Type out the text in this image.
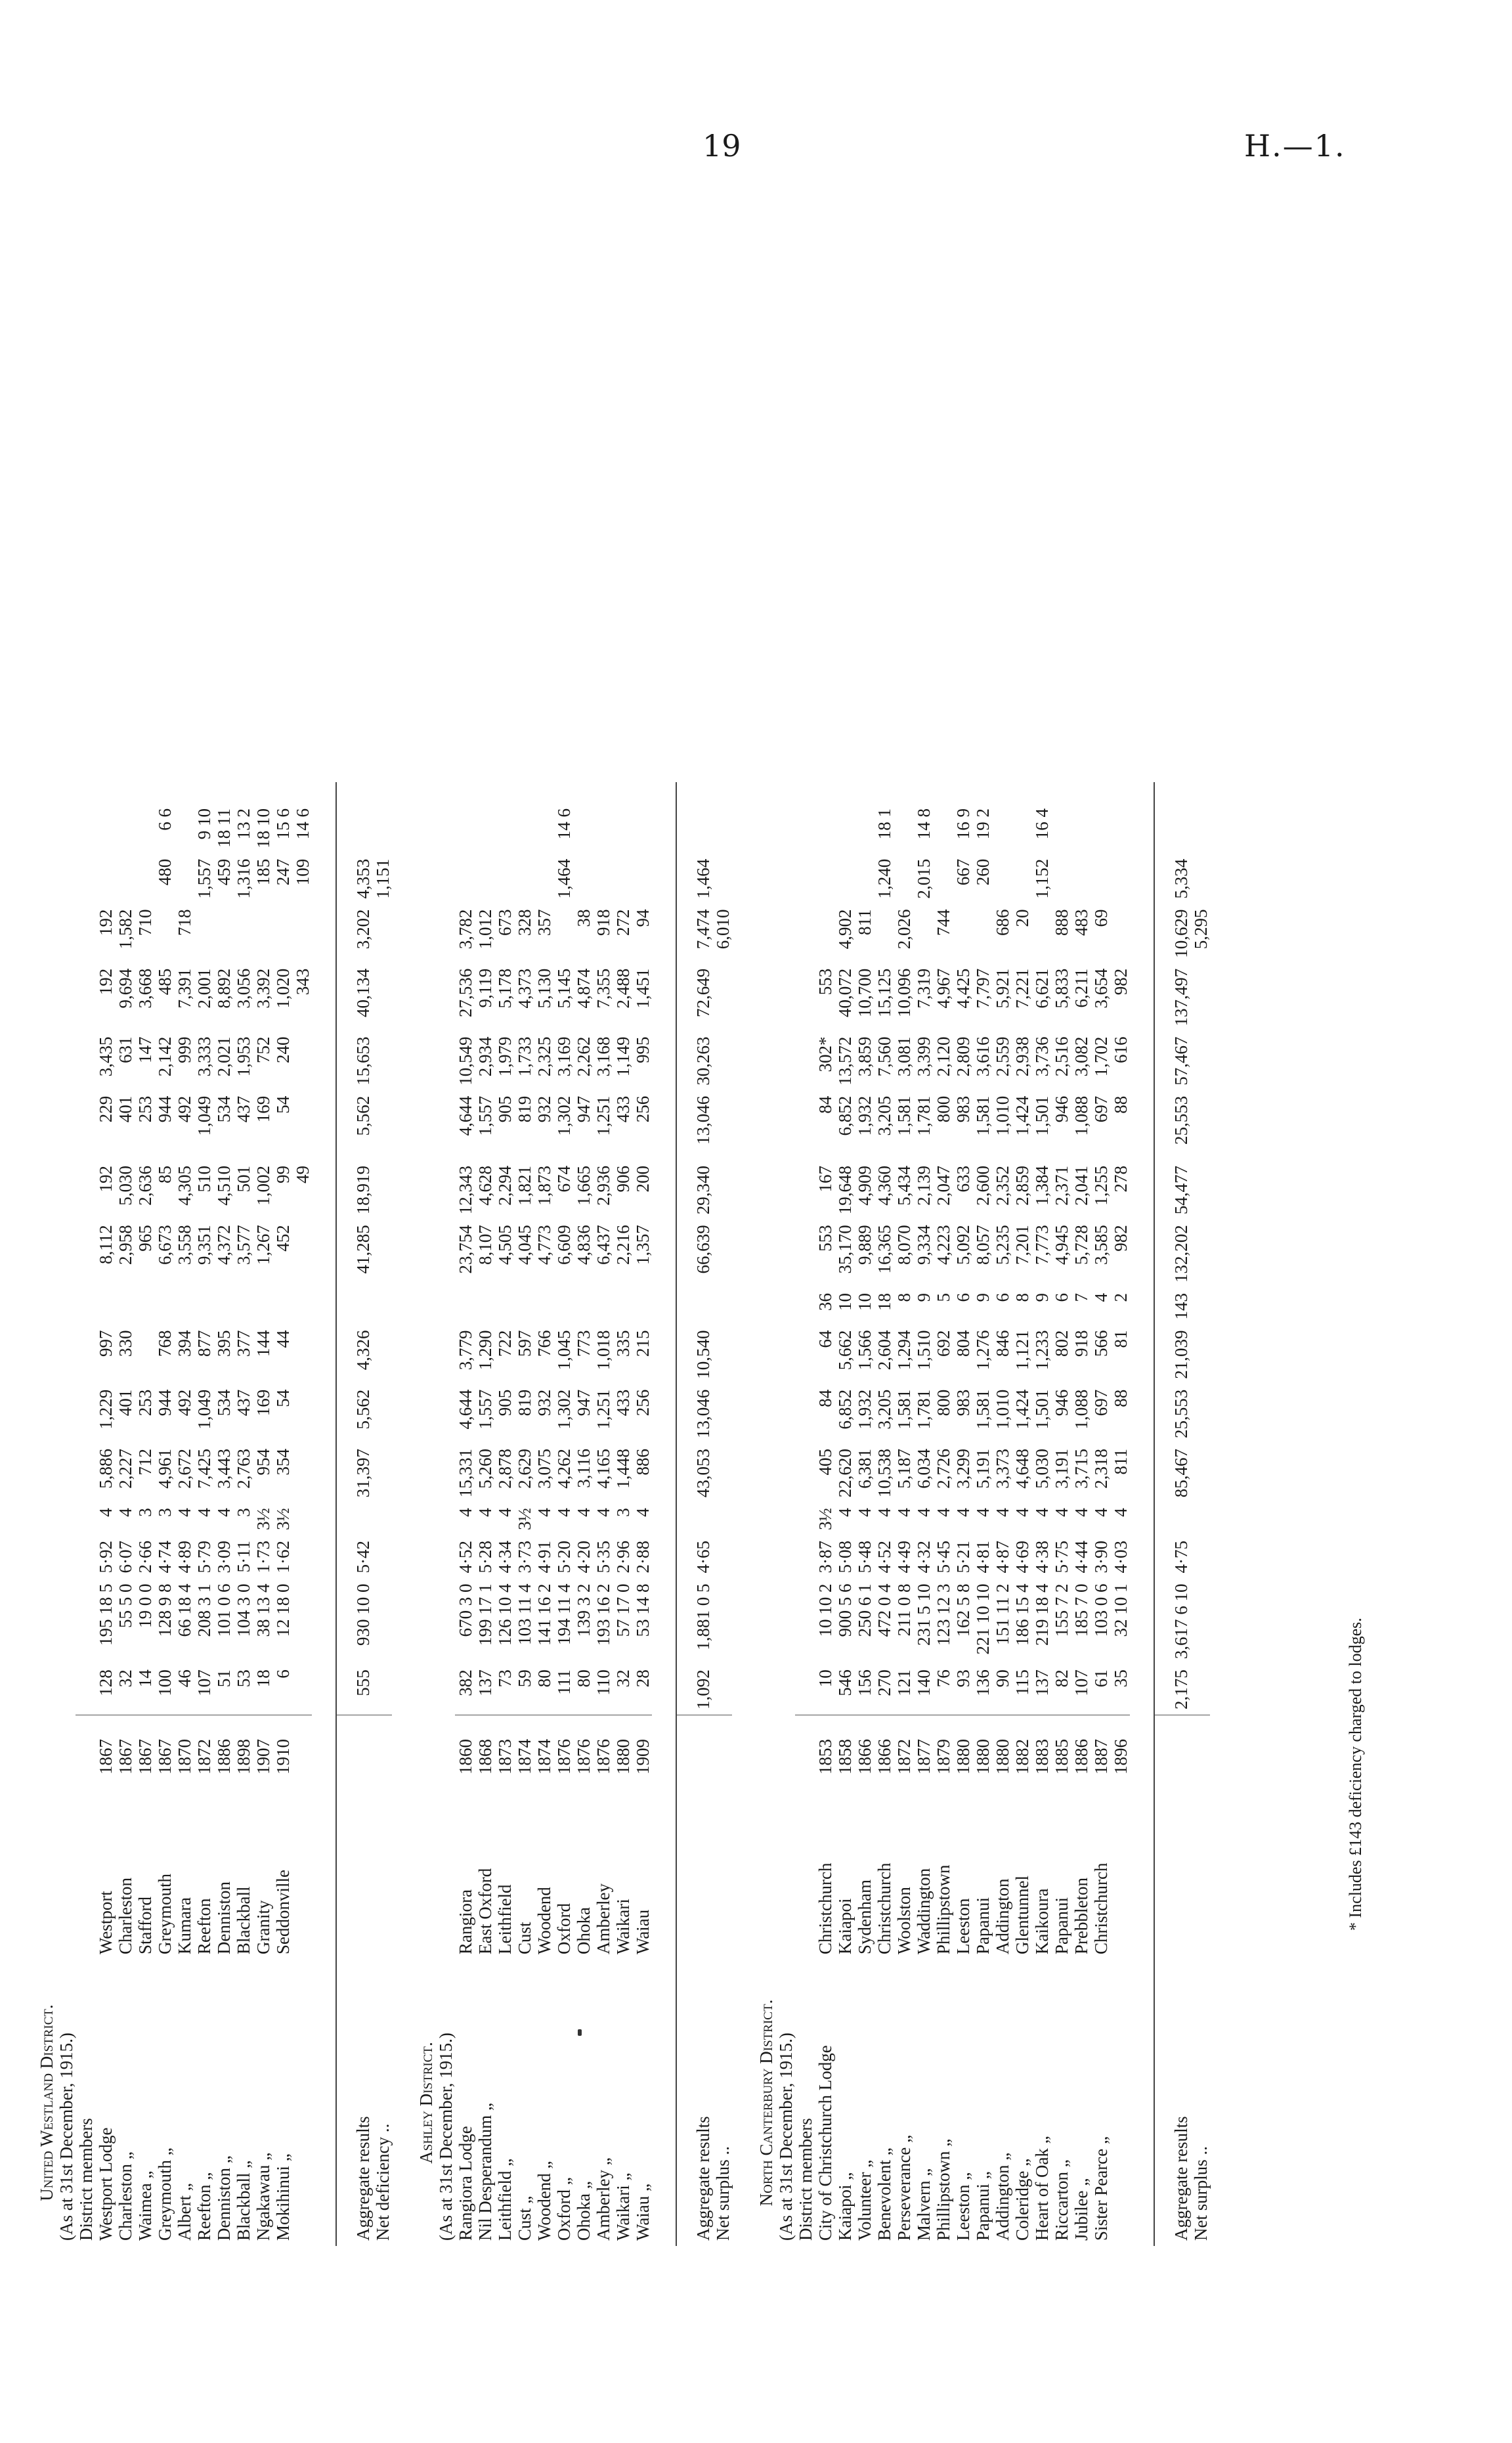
19	H.—1.
United Westland District.																					
(As at 31st December, 1915.)																					
District members																					
Westport Lodge	Westport	1867	128	195 18 5	5·92	4	5,886	1,229	997		8,112	192		229	3,435	192	192				
Charleston „	Charleston	1867	32	55 5 0	6·07	4	2,227	401	330		2,958	5,030		401	631	9,694	1,582				
Waimea „	Stafford	1867	14	19 0 0	2·66	3	712	253			965	2,636		253	147	3,668	710				
Greymouth „	Greymouth	1867	100	128 9 8	4·74	3	4,961	944	768		6,673	85		944	2,142	485		480	6 6		
Albert „	Kumara	1870	46	66 18 4	4·89	4	2,672	492	394		3,558	4,305		492	999	7,391	718				
Reefton „	Reefton	1872	107	208 3 1	5·79	4	7,425	1,049	877		9,351	510		1,049	3,333	2,001		1,557	9 10		
Denniston „	Denniston	1886	51	101 0 6	3·09	4	3,443	534	395		4,372	4,510		534	2,021	8,892		459	18 11		
Blackball „	Blackball	1898	53	104 3 0	5·11	3	2,763	437	377		3,577	501		437	1,953	3,056		1,316	13 2		
Ngakawau „	Granity	1907	18	38 13 4	1·73	3½	954	169	144		1,267	1,002		169	752	3,392		185	18 10		
Mokihinui „	Seddonville	1910	6	12 18 0	1·62	3½	354	54	44		452	99		54	240	1,020		247	15 6		
												49				343		109	14 6		

Aggregate results			555	930 10 0	5·42		31,397	5,562	4,326		41,285	18,919		5,562	15,653	40,134	3,202	4,353			
Net deficiency ..																		1,151			

Ashley District.																					
(As at 31st December, 1915.)																					
Rangiora Lodge	Rangiora	1860	382	670 3 0	4·52	4	15,331	4,644	3,779		23,754	12,343		4,644	10,549	27,536	3,782				
Nil Desperandum „	East Oxford	1868	137	199 17 1	5·28	4	5,260	1,557	1,290		8,107	4,628		1,557	2,934	9,119	1,012				
Leithfield „	Leithfield	1873	73	126 10 4	4·34	4	2,878	905	722		4,505	2,294		905	1,979	5,178	673				
Cust „	Cust	1874	59	103 11 4	3·73	3½	2,629	819	597		4,045	1,821		819	1,733	4,373	328				
Woodend „	Woodend	1874	80	141 16 2	4·91	4	3,075	932	766		4,773	1,873		932	2,325	5,130	357				
Oxford „	Oxford	1876	111	194 11 4	5·20	4	4,262	1,302	1,045		6,609	674		1,302	3,169	5,145		1,464	14 6		
Ohoka „	Ohoka	1876	80	139 3 2	4·20	4	3,116	947	773		4,836	1,665		947	2,262	4,874	38				
Amberley „	Amberley	1876	110	193 16 2	5·35	4	4,165	1,251	1,018		6,437	2,936		1,251	3,168	7,355	918				
Waikari „	Waikari	1880	32	57 17 0	2·96	3	1,448	433	335		2,216	906		433	1,149	2,488	272				
Waiau „	Waiau	1909	28	53 14 8	2·88	4	886	256	215		1,357	200		256	995	1,451	94				

Aggregate results			1,092	1,881 0 5	4·65		43,053	13,046	10,540		66,639	29,340		13,046	30,263	72,649	7,474	1,464			
Net surplus ..																	6,010				

North Canterbury District.																					
(As at 31st December, 1915.)																					
District members																					
City of Christchurch Lodge	Christchurch	1853	10	10 10 2	3·87	3½	405	84	64	36	553	167		84	302*	553					
Kaiapoi „	Kaiapoi	1858	546	900 5 6	5·08	4	22,620	6,852	5,662	10	35,170	19,648		6,852	13,572	40,072	4,902				
Volunteer „	Sydenham	1866	156	250 6 1	5·48	4	6,381	1,932	1,566	10	9,889	4,909		1,932	3,859	10,700	811				
Benevolent „	Christchurch	1866	270	472 0 4	4·52	4	10,538	3,205	2,604	18	16,365	4,360		3,205	7,560	15,125		1,240	18 1		
Perseverance „	Woolston	1872	121	211 0 8	4·49	4	5,187	1,581	1,294	8	8,070	5,434		1,581	3,081	10,096	2,026				
Malvern „	Waddington	1877	140	231 5 10	4·32	4	6,034	1,781	1,510	9	9,334	2,139		1,781	3,399	7,319		2,015	14 8		
Phillipstown „	Phillipstown	1879	76	123 12 3	5·45	4	2,726	800	692	5	4,223	2,047		800	2,120	4,967	744				
Leeston „	Leeston	1880	93	162 5 8	5·21	4	3,299	983	804	6	5,092	633		983	2,809	4,425		667	16 9		
Papanui „	Papanui	1880	136	221 10 10	4·81	4	5,191	1,581	1,276	9	8,057	2,600		1,581	3,616	7,797		260	19 2		
Addington „	Addington	1880	90	151 11 2	4·87	4	3,373	1,010	846	6	5,235	2,352		1,010	2,559	5,921	686				
Coleridge „	Glentunnel	1882	115	186 15 4	4·69	4	4,648	1,424	1,121	8	7,201	2,859		1,424	2,938	7,221	20				
Heart of Oak „	Kaikoura	1883	137	219 18 4	4·38	4	5,030	1,501	1,233	9	7,773	1,384		1,501	3,736	6,621		1,152	16 4		
Riccarton „	Papanui	1885	82	155 7 2	5·75	4	3,191	946	802	6	4,945	2,371		946	2,516	5,833	888				
Jubilee „	Prebbleton	1886	107	185 7 0	4·44	4	3,715	1,088	918	7	5,728	2,041		1,088	3,082	6,211	483				
Sister Pearce „	Christchurch	1887	61	103 0 6	3·90	4	2,318	697	566	4	3,585	1,255		697	1,702	3,654	69				
		1896	35	32 10 1	4·03	4	811	88	81	2	982	278		88	616	982					

Aggregate results			2,175	3,617 6 10	4·75		85,467	25,553	21,039	143	132,202	54,477		25,553	57,467	137,497	10,629	5,334			
Net surplus ..																	5,295				

* Includes £143 deficiency charged to lodges.
